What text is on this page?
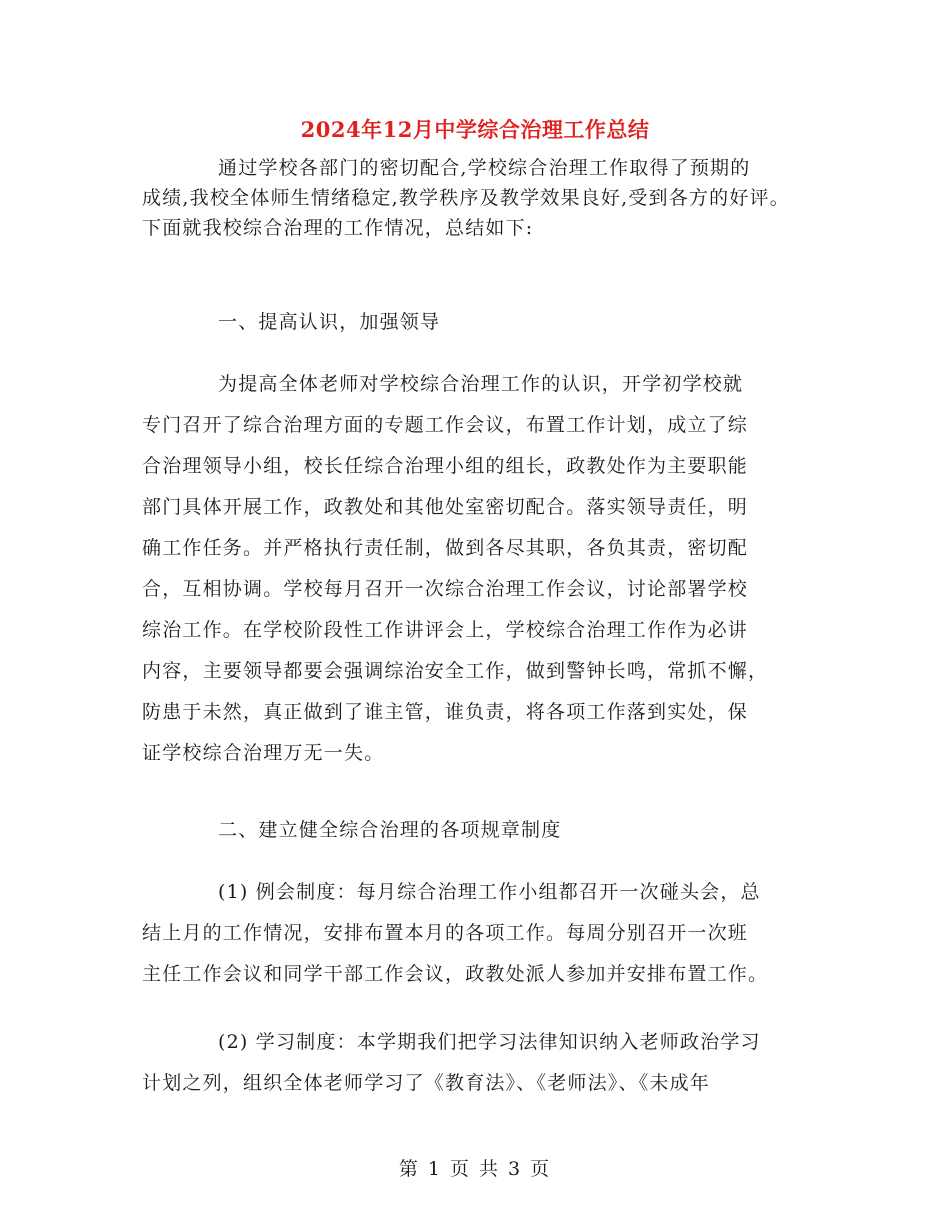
2024年12月中学综合治理工作总结
通过学校各部门的密切配合,学校综合治理工作取得了预期的
成绩,我校全体师生情绪稳定,教学秩序及教学效果良好,受到各方的好评。
下面就我校综合治理的工作情况，总结如下:
一、提高认识，加强领导
为提高全体老师对学校综合治理工作的认识，开学初学校就
专门召开了综合治理方面的专题工作会议，布置工作计划，成立了综
合治理领导小组，校长任综合治理小组的组长，政教处作为主要职能
部门具体开展工作，政教处和其他处室密切配合。落实领导责任，明
确工作任务。并严格执行责任制，做到各尽其职，各负其责，密切配
合，互相协调。学校每月召开一次综合治理工作会议，讨论部署学校
综治工作。在学校阶段性工作讲评会上，学校综合治理工作作为必讲
内容，主要领导都要会强调综治安全工作，做到警钟长鸣，常抓不懈，
防患于未然，真正做到了谁主管，谁负责，将各项工作落到实处，保
证学校综合治理万无一失。
二、建立健全综合治理的各项规章制度
(1) 例会制度：每月综合治理工作小组都召开一次碰头会，总
结上月的工作情况，安排布置本月的各项工作。每周分别召开一次班
主任工作会议和同学干部工作会议，政教处派人参加并安排布置工作。
(2) 学习制度：本学期我们把学习法律知识纳入老师政治学习
计划之列，组织全体老师学习了《教育法》、《老师法》、《未成年
第 1 页 共 3 页
